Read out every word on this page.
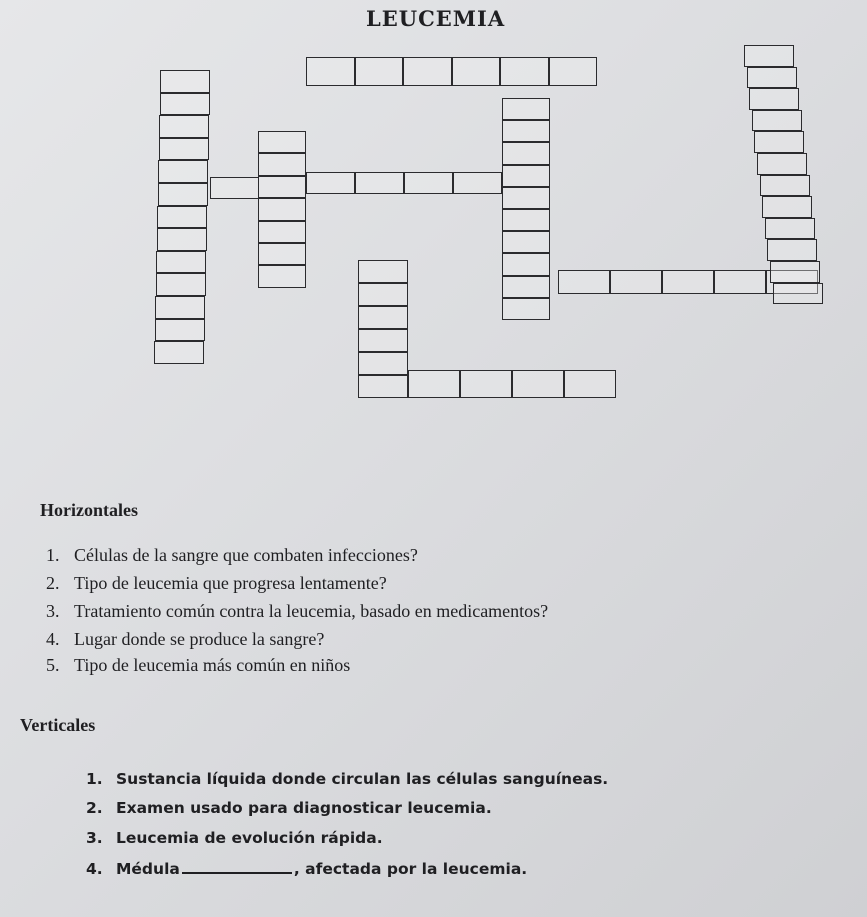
LEUCEMIA
Horizontales
1. Células de la sangre que combaten infecciones?
2. Tipo de leucemia que progresa lentamente?
3. Tratamiento común contra la leucemia, basado en medicamentos?
4. Lugar donde se produce la sangre?
5. Tipo de leucemia más común en niños
Verticales
1. Sustancia líquida donde circulan las células sanguíneas.
2. Examen usado para diagnosticar leucemia.
3. Leucemia de evolución rápida.
4. Médula	, afectada por la leucemia.
